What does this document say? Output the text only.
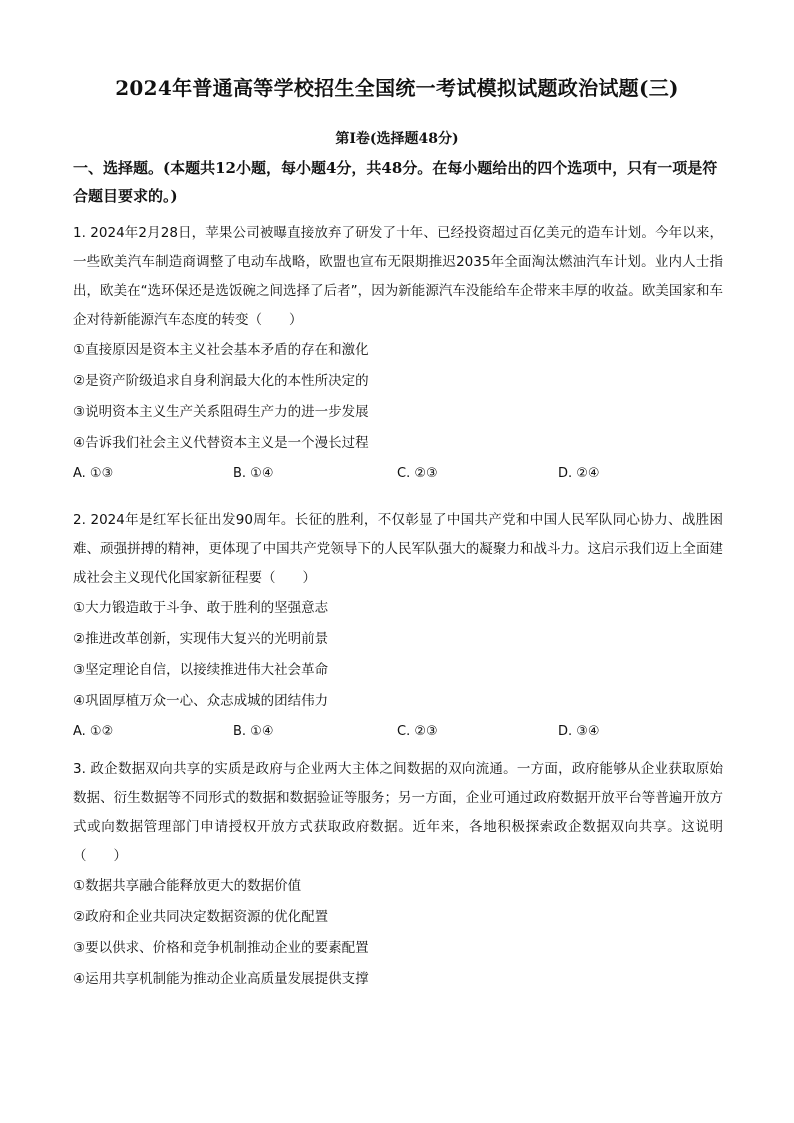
2024年普通高等学校招生全国统一考试模拟试题政治试题(三)
第Ⅰ卷(选择题48分)
一、选择题。(本题共12小题，每小题4分，共48分。在每小题给出的四个选项中，只有一项是符合题目要求的。)

1. 2024年2月28日，苹果公司被曝直接放弃了研发了十年、已经投资超过百亿美元的造车计划。今年以来，一些欧美汽车制造商调整了电动车战略，欧盟也宣布无限期推迟2035年全面淘汰燃油汽车计划。业内人士指出，欧美在“选环保还是选饭碗之间选择了后者”，因为新能源汽车没能给车企带来丰厚的收益。欧美国家和车企对待新能源汽车态度的转变（　　）

①直接原因是资本主义社会基本矛盾的存在和激化

②是资产阶级追求自身利润最大化的本性所决定的

③说明资本主义生产关系阻碍生产力的进一步发展

④告诉我们社会主义代替资本主义是一个漫长过程

A. ①③	B. ①④	C. ②③	D. ②④

2. 2024年是红军长征出发90周年。长征的胜利，不仅彰显了中国共产党和中国人民军队同心协力、战胜困难、顽强拼搏的精神，更体现了中国共产党领导下的人民军队强大的凝聚力和战斗力。这启示我们迈上全面建成社会主义现代化国家新征程要（　　）

①大力锻造敢于斗争、敢于胜利的坚强意志

②推进改革创新，实现伟大复兴的光明前景

③坚定理论自信，以接续推进伟大社会革命

④巩固厚植万众一心、众志成城的团结伟力

A. ①②	B. ①④	C. ②③	D. ③④

3. 政企数据双向共享的实质是政府与企业两大主体之间数据的双向流通。一方面，政府能够从企业获取原始数据、衍生数据等不同形式的数据和数据验证等服务；另一方面，企业可通过政府数据开放平台等普遍开放方式或向数据管理部门申请授权开放方式获取政府数据。近年来，各地积极探索政企数据双向共享。这说明（　　）

①数据共享融合能释放更大的数据价值

②政府和企业共同决定数据资源的优化配置

③要以供求、价格和竞争机制推动企业的要素配置

④运用共享机制能为推动企业高质量发展提供支撑
